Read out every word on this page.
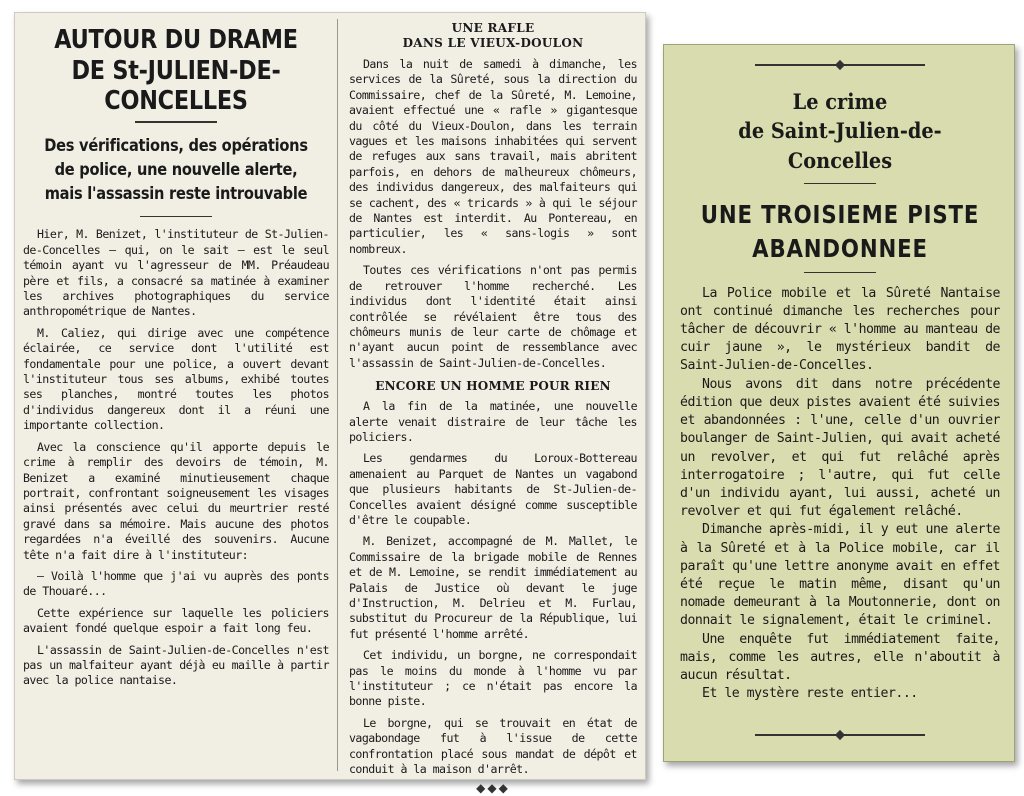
AUTOUR DU DRAME
DE St-JULIEN-DE-CONCELLES
Des vérifications, des opérations
de police, une nouvelle alerte,
mais l'assassin reste introuvable

Hier, M. Benizet, l'instituteur de St-Julien-de-Concelles — qui, on le sait — est le seul témoin ayant vu l'agresseur de MM. Préaudeau père et fils, a consacré sa matinée à examiner les archives photographiques du service anthropométrique de Nantes.

M. Caliez, qui dirige avec une compétence éclairée, ce service dont l'utilité est fondamentale pour une police, a ouvert devant l'instituteur tous ses albums, exhibé toutes ses planches, montré toutes les photos d'individus dangereux dont il a réuni une importante collection.

Avec la conscience qu'il apporte depuis le crime à remplir des devoirs de témoin, M. Benizet a examiné minutieusement chaque portrait, confrontant soigneusement les visages ainsi présentés avec celui du meurtrier resté gravé dans sa mémoire. Mais aucune des photos regardées n'a éveillé des souvenirs. Aucune tête n'a fait dire à l'instituteur:

— Voilà l'homme que j'ai vu auprès des ponts de Thouaré...

Cette expérience sur laquelle les policiers avaient fondé quelque espoir a fait long feu.

L'assassin de Saint-Julien-de-Concelles n'est pas un malfaiteur ayant déjà eu maille à partir avec la police nantaise.

UNE RAFLE
DANS LE VIEUX-DOULON

Dans la nuit de samedi à dimanche, les services de la Sûreté, sous la direction du Commissaire, chef de la Sûreté, M. Lemoine, avaient effectué une « rafle » gigantesque du côté du Vieux-Doulon, dans les terrain vagues et les maisons inhabitées qui servent de refuges aux sans travail, mais abritent parfois, en dehors de malheureux chômeurs, des individus dangereux, des malfaiteurs qui se cachent, des « tricards » à qui le séjour de Nantes est interdit. Au Pontereau, en particulier, les « sans-logis » sont nombreux.

Toutes ces vérifications n'ont pas permis de retrouver l'homme recherché. Les individus dont l'identité était ainsi contrôlée se révélaient être tous des chômeurs munis de leur carte de chômage et n'ayant aucun point de ressemblance avec l'assassin de Saint-Julien-de-Concelles.

ENCORE UN HOMME POUR RIEN

A la fin de la matinée, une nouvelle alerte venait distraire de leur tâche les policiers.

Les gendarmes du Loroux-Bottereau amenaient au Parquet de Nantes un vagabond que plusieurs habitants de St-Julien-de-Concelles avaient désigné comme susceptible d'être le coupable.

M. Benizet, accompagné de M. Mallet, le Commissaire de la brigade mobile de Rennes et de M. Lemoine, se rendit immédiatement au Palais de Justice où devant le juge d'Instruction, M. Delrieu et M. Furlau, substitut du Procureur de la République, lui fut présenté l'homme arrêté.

Cet individu, un borgne, ne correspondait pas le moins du monde à l'homme vu par l'instituteur ; ce n'était pas encore la bonne piste.

Le borgne, qui se trouvait en état de vagabondage fut à l'issue de cette confrontation placé sous mandat de dépôt et conduit à la maison d'arrêt.

◆◆◆
Le crime
de Saint-Julien-de-Concelles
UNE TROISIEME PISTE
ABANDONNEE

La Police mobile et la Sûreté Nantaise ont continué dimanche les recherches pour tâcher de découvrir « l'homme au manteau de cuir jaune », le mystérieux bandit de Saint-Julien-de-Concelles.

Nous avons dit dans notre précédente édition que deux pistes avaient été suivies et abandonnées : l'une, celle d'un ouvrier boulanger de Saint-Julien, qui avait acheté un revolver, et qui fut relâché après interrogatoire ; l'autre, qui fut celle d'un individu ayant, lui aussi, acheté un revolver et qui fut également relâché.

Dimanche après-midi, il y eut une alerte à la Sûreté et à la Police mobile, car il paraît qu'une lettre anonyme avait en effet été reçue le matin même, disant qu'un nomade demeurant à la Moutonnerie, dont on donnait le signalement, était le criminel.

Une enquête fut immédiatement faite, mais, comme les autres, elle n'aboutit à aucun résultat.

Et le mystère reste entier...
